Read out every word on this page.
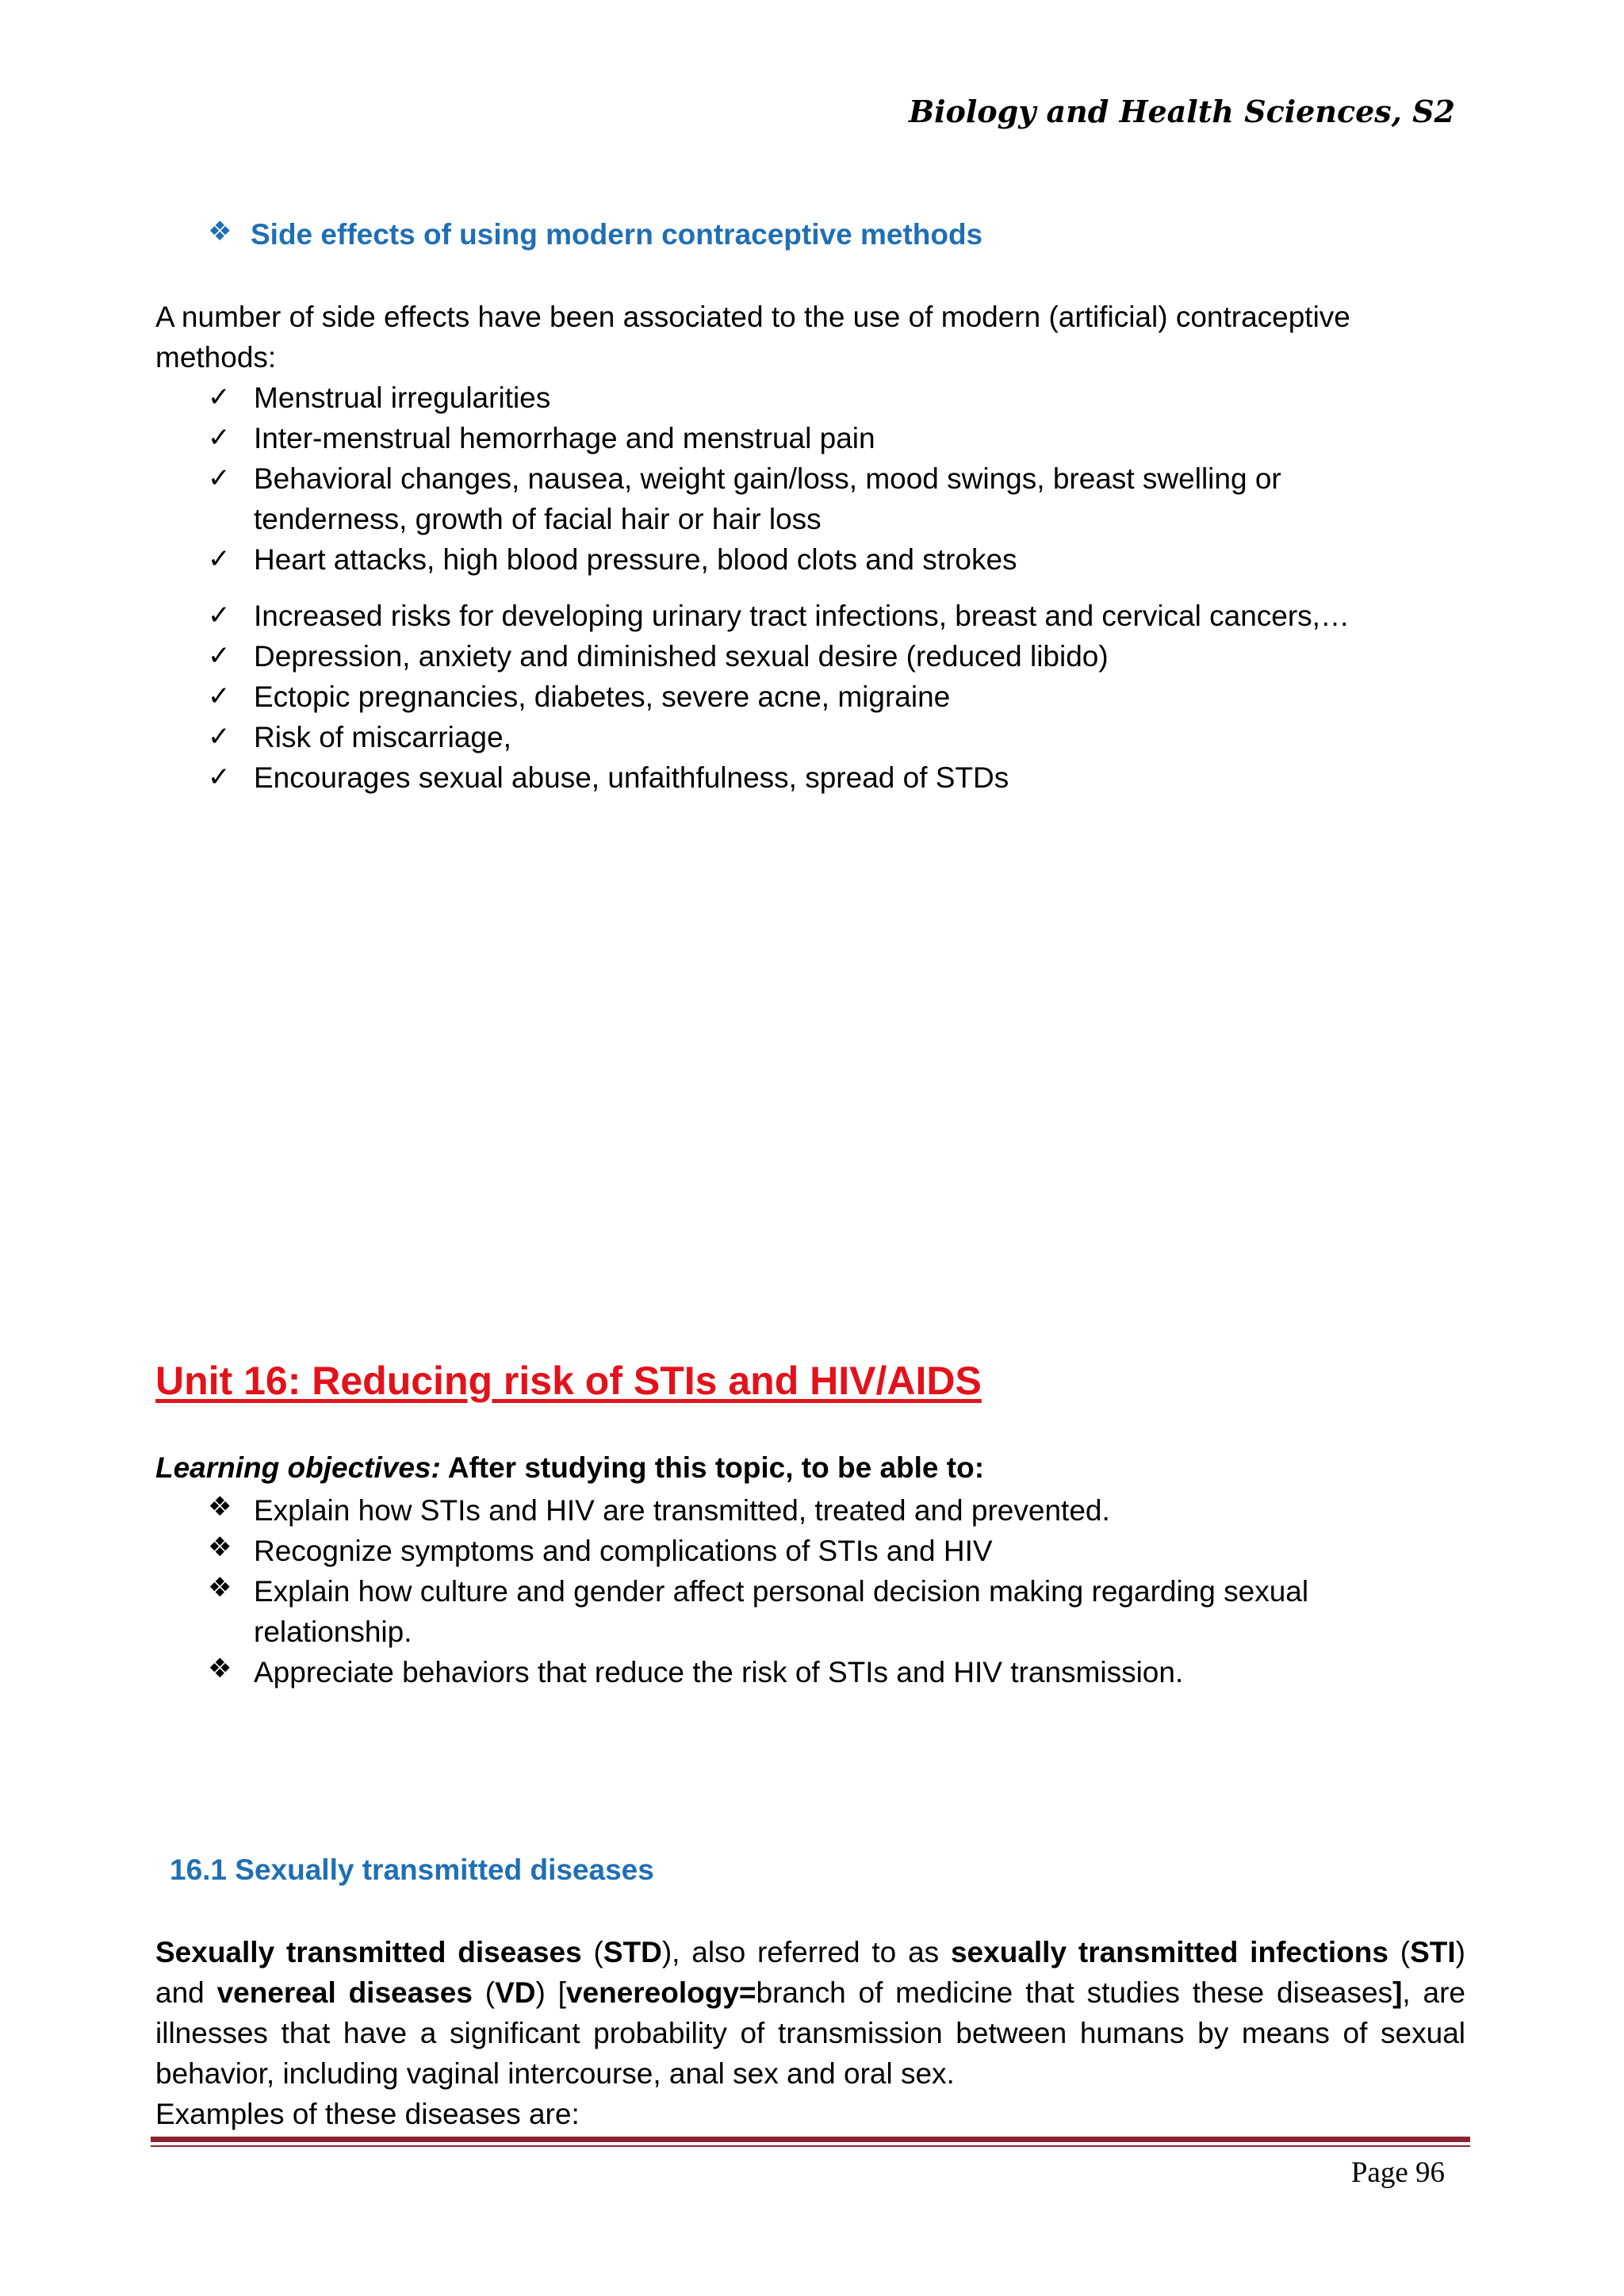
Biology and Health Sciences, S2
❖
Side effects of using modern contraceptive methods

A number of side effects have been associated to the use of modern (artificial) contraceptive methods:

✓ Menstrual irregularities
✓ Inter-menstrual hemorrhage and menstrual pain
✓ Behavioral changes, nausea, weight gain/loss, mood swings, breast swelling or tenderness, growth of facial hair or hair loss
✓ Heart attacks, high blood pressure, blood clots and strokes
✓ Increased risks for developing urinary tract infections, breast and cervical cancers,…
✓ Depression, anxiety and diminished sexual desire (reduced libido)
✓ Ectopic pregnancies, diabetes, severe acne, migraine
✓ Risk of miscarriage,
✓ Encourages sexual abuse, unfaithfulness, spread of STDs
Unit 16: Reducing risk of STIs and HIV/AIDS
Learning objectives: After studying this topic, to be able to:
❖
Explain how STIs and HIV are transmitted, treated and prevented.
❖
Recognize symptoms and complications of STIs and HIV
❖
Explain how culture and gender affect personal decision making regarding sexual relationship.
❖
Appreciate behaviors that reduce the risk of STIs and HIV transmission.
16.1 Sexually transmitted diseases

Sexually transmitted diseases (STD), also referred to as sexually transmitted infections (STI) and venereal diseases (VD) [venereology=branch of medicine that studies these diseases], are illnesses that have a significant probability of transmission between humans by means of sexual behavior, including vaginal intercourse, anal sex and oral sex.

Examples of these diseases are:
Page 96
